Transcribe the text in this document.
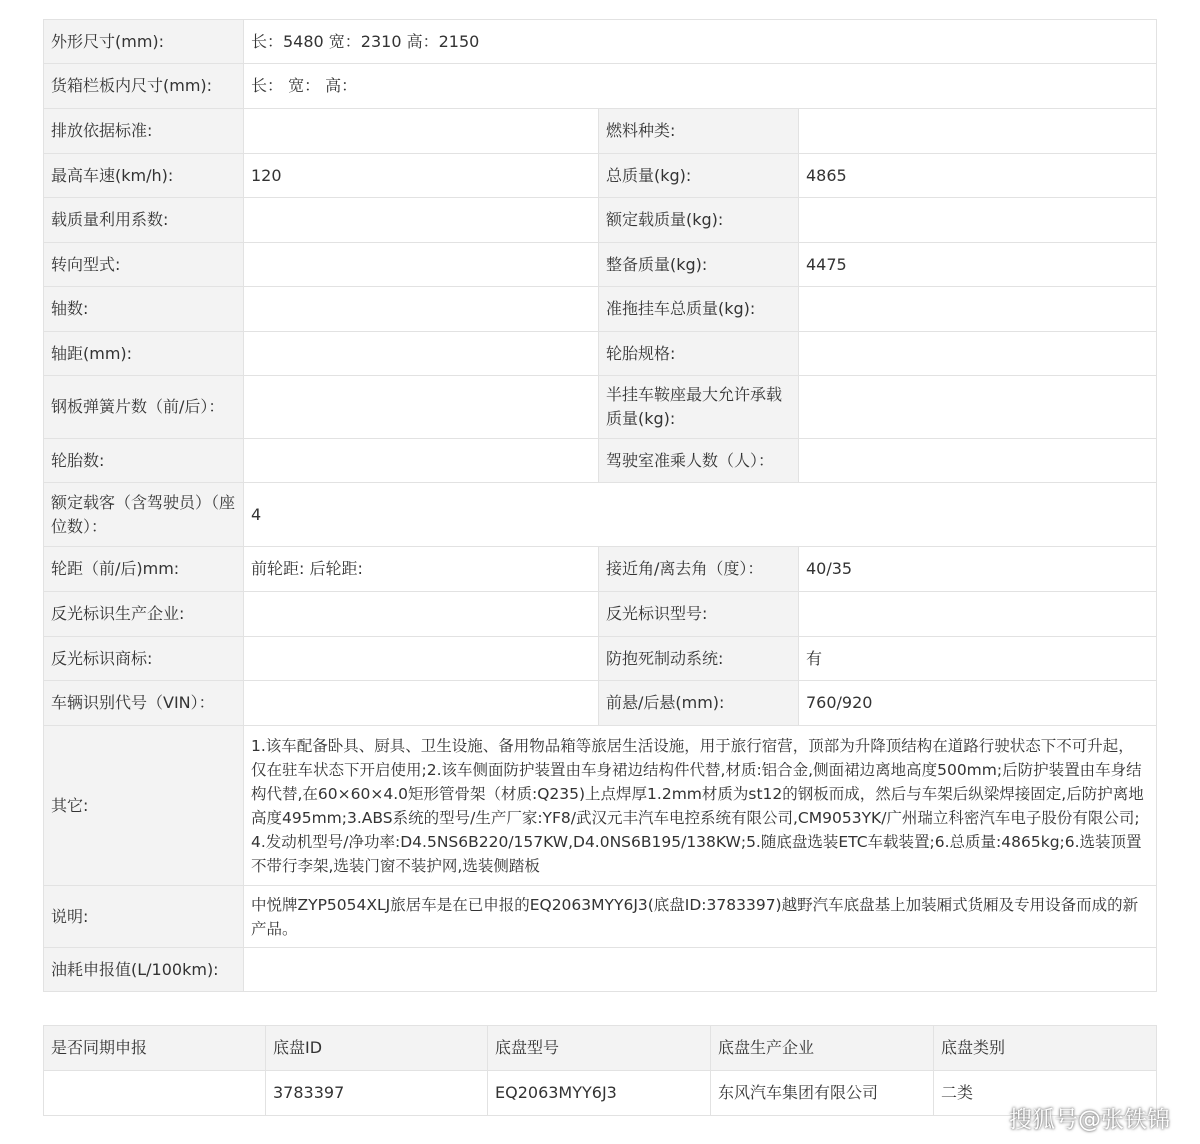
外形尺寸(mm):	长：5480 宽：2310 高：2150		
货箱栏板内尺寸(mm):	长： 宽： 高：		
排放依据标准:		燃料种类:	
最高车速(km/h):	120	总质量(kg):	4865
载质量利用系数:		额定载质量(kg):	
转向型式:		整备质量(kg):	4475
轴数:		准拖挂车总质量(kg):	
轴距(mm):		轮胎规格:	
钢板弹簧片数（前/后）：		半挂车鞍座最大允许承载质量(kg):	
轮胎数:		驾驶室准乘人数（人）：	
额定载客（含驾驶员）（座位数）：	4		
轮距（前/后)mm:	前轮距: 后轮距:	接近角/离去角（度）：	40/35
反光标识生产企业:		反光标识型号:	
反光标识商标:		防抱死制动系统:	有
车辆识别代号（VIN）：		前悬/后悬(mm):	760/920
其它:	1.该车配备卧具、厨具、卫生设施、备用物品箱等旅居生活设施，用于旅行宿营，顶部为升降顶结构在道路行驶状态下不可升起，仅在驻车状态下开启使用;2.该车侧面防护装置由车身裙边结构件代替,材质:铝合金,侧面裙边离地高度500mm;后防护装置由车身结构代替,在60×60×4.0矩形管骨架（材质:Q235)上点焊厚1.2mm材质为st12的钢板而成，然后与车架后纵梁焊接固定,后防护离地高度495mm;3.ABS系统的型号/生产厂家:YF8/武汉元丰汽车电控系统有限公司,CM9053YK/广州瑞立科密汽车电子股份有限公司;4.发动机型号/净功率:D4.5NS6B220/157KW,D4.0NS6B195/138KW;5.随底盘选装ETC车载装置;6.总质量:4865kg;6.选装顶置不带行李架,选装门窗不装护网,选装侧踏板		
说明:	中悦牌ZYP5054XLJ旅居车是在已申报的EQ2063MYY6J3(底盘ID:3783397)越野汽车底盘基上加装厢式货厢及专用设备而成的新产品。		
油耗申报值(L/100km):			
是否同期申报	底盘ID	底盘型号	底盘生产企业	底盘类别
	3783397	EQ2063MYY6J3	东风汽车集团有限公司	二类
搜狐号@张铁锦
